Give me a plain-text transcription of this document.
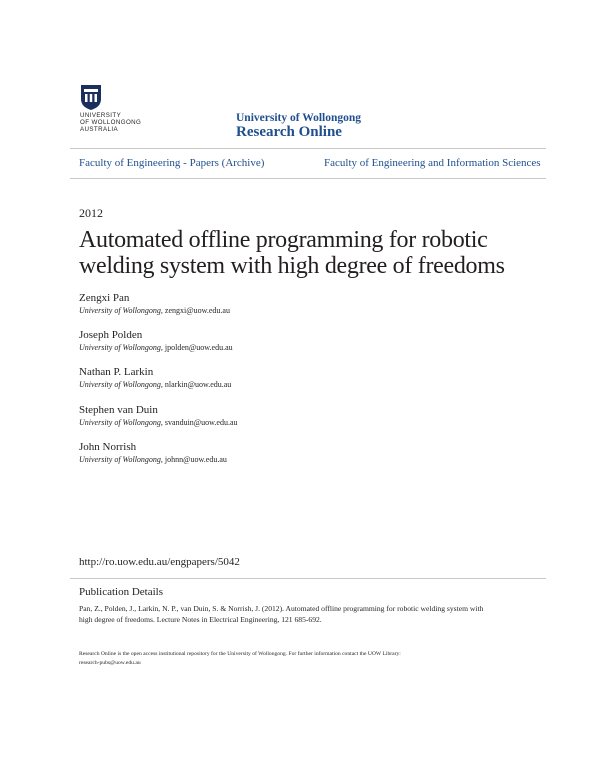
UNIVERSITY
OF WOLLONGONG
AUSTRALIA
University of Wollongong
Research Online
Faculty of Engineering - Papers (Archive)	Faculty of Engineering and Information Sciences
2012
Automated offline programming for robotic
welding system with high degree of freedoms
Zengxi Pan
University of Wollongong, zengxi@uow.edu.au
Joseph Polden
University of Wollongong, jpolden@uow.edu.au
Nathan P. Larkin
University of Wollongong, nlarkin@uow.edu.au
Stephen van Duin
University of Wollongong, svanduin@uow.edu.au
John Norrish
University of Wollongong, johnn@uow.edu.au
http://ro.uow.edu.au/engpapers/5042
Publication Details
Pan, Z., Polden, J., Larkin, N. P., van Duin, S. & Norrish, J. (2012). Automated offline programming for robotic welding system with
high degree of freedoms. Lecture Notes in Electrical Engineering, 121 685-692.
Research Online is the open access institutional repository for the University of Wollongong. For further information contact the UOW Library:
research-pubs@uow.edu.au
